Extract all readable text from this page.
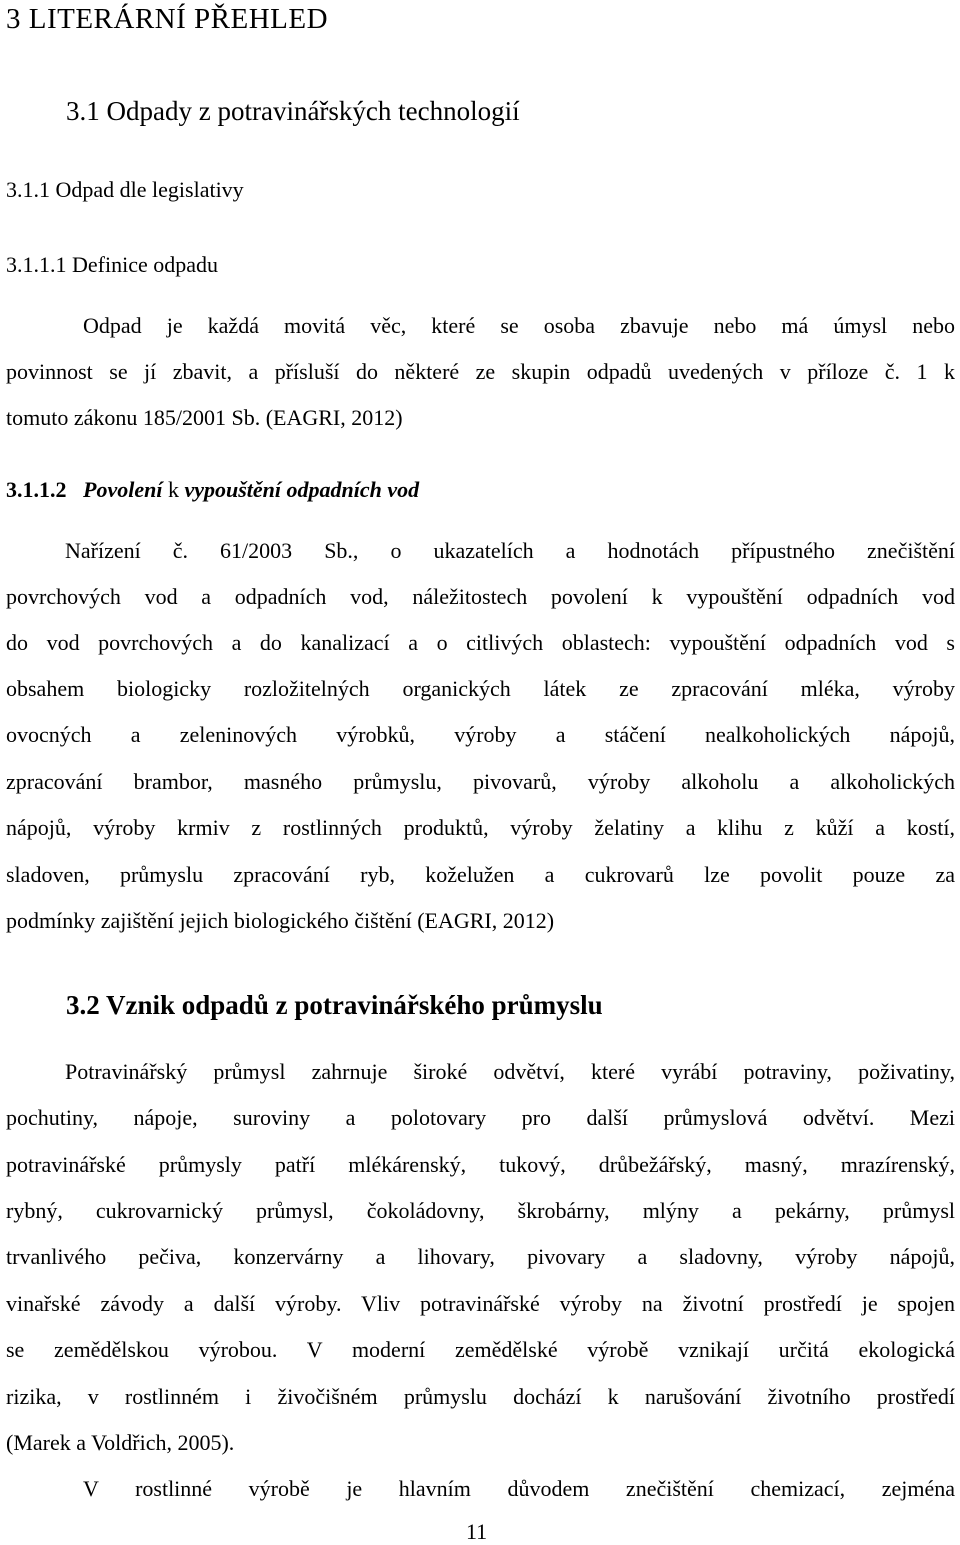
3 LITERÁRNÍ PŘEHLED
3.1 Odpady z potravinářských technologií
3.1.1 Odpad dle legislativy
3.1.1.1 Definice odpadu
Odpad je každá movitá věc, které se osoba zbavuje nebo má úmysl nebo
povinnost se jí zbavit, a přísluší do některé ze skupin odpadů uvedených v příloze č. 1 k
tomuto zákonu 185/2001 Sb. (EAGRI, 2012)
3.1.1.2 Povolení k vypouštění odpadních vod
Nařízení č. 61/2003 Sb., o ukazatelích a hodnotách přípustného znečištění
povrchových vod a odpadních vod, náležitostech povolení k vypouštění odpadních vod
do vod povrchových a do kanalizací a o citlivých oblastech: vypouštění odpadních vod s
obsahem biologicky rozložitelných organických látek ze zpracování mléka, výroby
ovocných a zeleninových výrobků, výroby a stáčení nealkoholických nápojů,
zpracování brambor, masného průmyslu, pivovarů, výroby alkoholu a alkoholických
nápojů, výroby krmiv z rostlinných produktů, výroby želatiny a klihu z kůží a kostí,
sladoven, průmyslu zpracování ryb, koželužen a cukrovarů lze povolit pouze za
podmínky zajištění jejich biologického čištění (EAGRI, 2012)
3.2 Vznik odpadů z potravinářského průmyslu
Potravinářský průmysl zahrnuje široké odvětví, které vyrábí potraviny, poživatiny,
pochutiny, nápoje, suroviny a polotovary pro další průmyslová odvětví. Mezi
potravinářské průmysly patří mlékárenský, tukový, drůbežářský, masný, mrazírenský,
rybný, cukrovarnický průmysl, čokoládovny, škrobárny, mlýny a pekárny, průmysl
trvanlivého pečiva, konzervárny a lihovary, pivovary a sladovny, výroby nápojů,
vinařské závody a další výroby. Vliv potravinářské výroby na životní prostředí je spojen
se zemědělskou výrobou. V moderní zemědělské výrobě vznikají určitá ekologická
rizika, v rostlinném i živočišném průmyslu dochází k narušování životního prostředí
(Marek a Voldřich, 2005).
V rostlinné výrobě je hlavním důvodem znečištění chemizací, zejména
11
